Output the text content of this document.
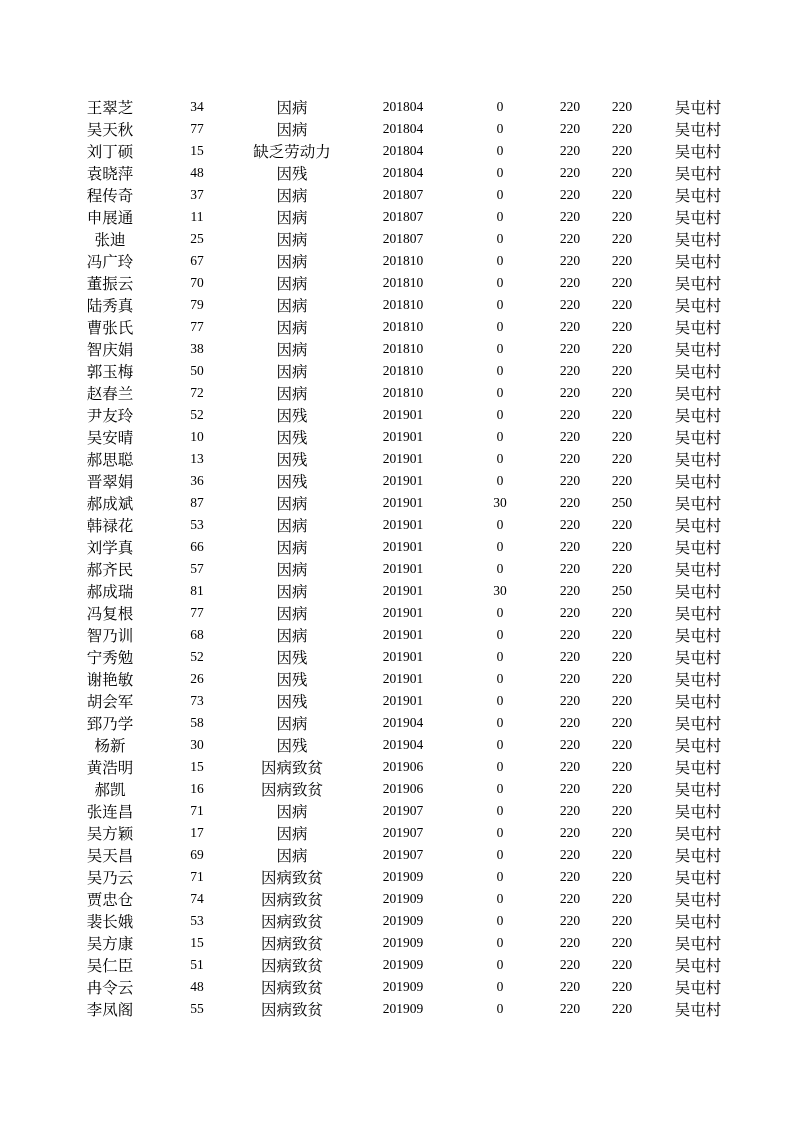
王翠芝	34	因病	201804	0	220	220	吴屯村
吴天秋	77	因病	201804	0	220	220	吴屯村
刘丁硕	15	缺乏劳动力	201804	0	220	220	吴屯村
袁晓萍	48	因残	201804	0	220	220	吴屯村
程传奇	37	因病	201807	0	220	220	吴屯村
申展通	11	因病	201807	0	220	220	吴屯村
张迪	25	因病	201807	0	220	220	吴屯村
冯广玲	67	因病	201810	0	220	220	吴屯村
董振云	70	因病	201810	0	220	220	吴屯村
陆秀真	79	因病	201810	0	220	220	吴屯村
曹张氏	77	因病	201810	0	220	220	吴屯村
智庆娟	38	因病	201810	0	220	220	吴屯村
郭玉梅	50	因病	201810	0	220	220	吴屯村
赵春兰	72	因病	201810	0	220	220	吴屯村
尹友玲	52	因残	201901	0	220	220	吴屯村
吴安晴	10	因残	201901	0	220	220	吴屯村
郝思聪	13	因残	201901	0	220	220	吴屯村
晋翠娟	36	因残	201901	0	220	220	吴屯村
郝成斌	87	因病	201901	30	220	250	吴屯村
韩禄花	53	因病	201901	0	220	220	吴屯村
刘学真	66	因病	201901	0	220	220	吴屯村
郝齐民	57	因病	201901	0	220	220	吴屯村
郝成瑞	81	因病	201901	30	220	250	吴屯村
冯复根	77	因病	201901	0	220	220	吴屯村
智乃训	68	因病	201901	0	220	220	吴屯村
宁秀勉	52	因残	201901	0	220	220	吴屯村
谢艳敏	26	因残	201901	0	220	220	吴屯村
胡会军	73	因残	201901	0	220	220	吴屯村
郅乃学	58	因病	201904	0	220	220	吴屯村
杨新	30	因残	201904	0	220	220	吴屯村
黄浩明	15	因病致贫	201906	0	220	220	吴屯村
郝凯	16	因病致贫	201906	0	220	220	吴屯村
张连昌	71	因病	201907	0	220	220	吴屯村
吴方颖	17	因病	201907	0	220	220	吴屯村
吴天昌	69	因病	201907	0	220	220	吴屯村
吴乃云	71	因病致贫	201909	0	220	220	吴屯村
贾忠仓	74	因病致贫	201909	0	220	220	吴屯村
裴长娥	53	因病致贫	201909	0	220	220	吴屯村
吴方康	15	因病致贫	201909	0	220	220	吴屯村
吴仁臣	51	因病致贫	201909	0	220	220	吴屯村
冉令云	48	因病致贫	201909	0	220	220	吴屯村
李凤阁	55	因病致贫	201909	0	220	220	吴屯村
